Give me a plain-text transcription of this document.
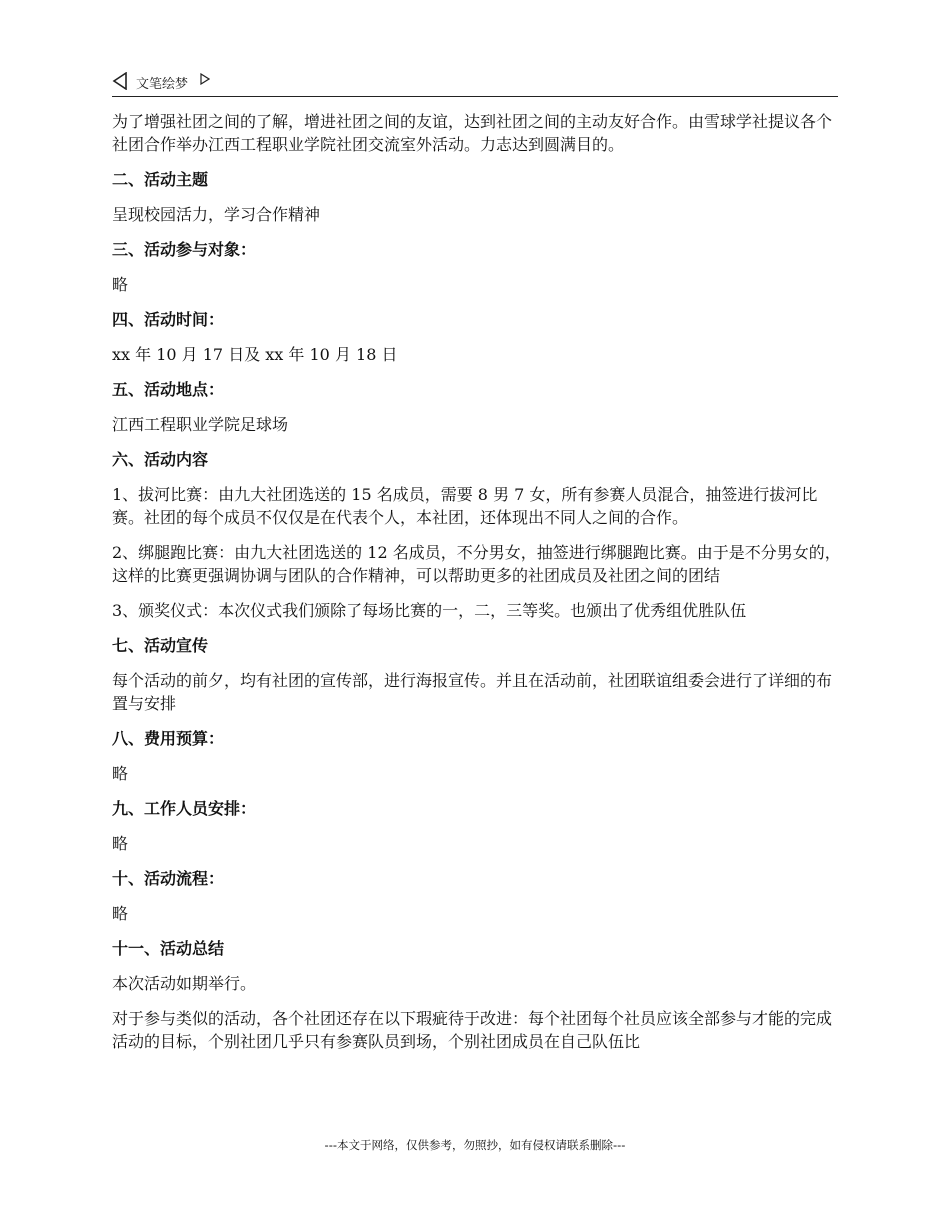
文笔绘梦

为了增强社团之间的了解，增进社团之间的友谊，达到社团之间的主动友好合作。由雪球学社提议各个社团合作举办江西工程职业学院社团交流室外活动。力志达到圆满目的。

二、活动主题

呈现校园活力，学习合作精神

三、活动参与对象：

略

四、活动时间：

xx 年 10 月 17 日及 xx 年 10 月 18 日

五、活动地点：

江西工程职业学院足球场

六、活动内容

1、拔河比赛：由九大社团选送的 15 名成员，需要 8 男 7 女，所有参赛人员混合，抽签进行拔河比赛。社团的每个成员不仅仅是在代表个人，本社团，还体现出不同人之间的合作。

2、绑腿跑比赛：由九大社团选送的 12 名成员，不分男女，抽签进行绑腿跑比赛。由于是不分男女的，这样的比赛更强调协调与团队的合作精神，可以帮助更多的社团成员及社团之间的团结

3、颁奖仪式：本次仪式我们颁除了每场比赛的一，二，三等奖。也颁出了优秀组优胜队伍

七、活动宣传

每个活动的前夕，均有社团的宣传部，进行海报宣传。并且在活动前，社团联谊组委会进行了详细的布置与安排

八、费用预算：

略

九、工作人员安排：

略

十、活动流程：

略

十一、活动总结

本次活动如期举行。

对于参与类似的活动，各个社团还存在以下瑕疵待于改进：每个社团每个社员应该全部参与才能的完成活动的目标，个别社团几乎只有参赛队员到场，个别社团成员在自己队伍比

---本文于网络，仅供参考，勿照抄，如有侵权请联系删除---
